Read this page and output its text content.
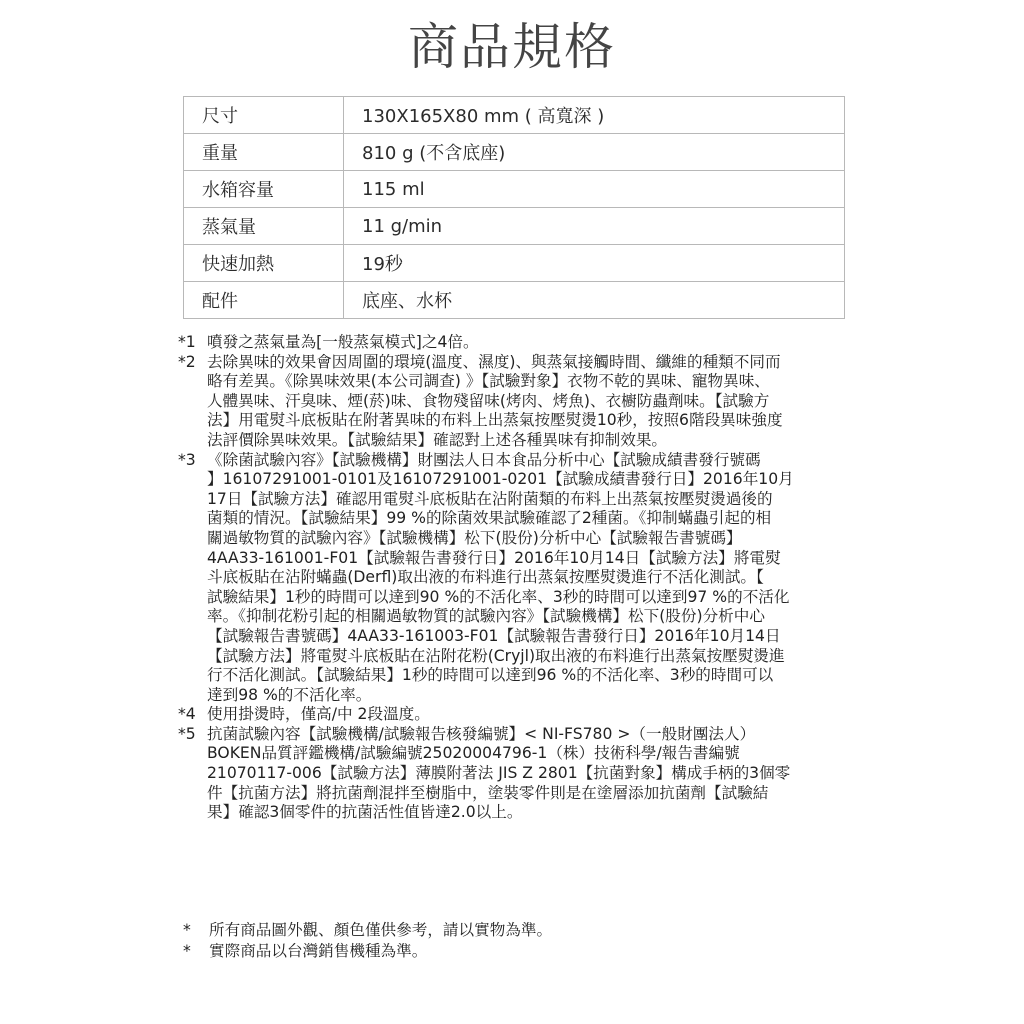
商品規格
尺寸	130X165X80 mm ( 高寬深 )
重量	810 g (不含底座)
水箱容量	115 ml
蒸氣量	11 g/min
快速加熱	19秒
配件	底座、水杯
*1 噴發之蒸氣量為[一般蒸氣模式]之4倍。
*2 去除異味的效果會因周圍的環境(溫度、濕度)、與蒸氣接觸時間、纖維的種類不同而
略有差異。《除異味效果(本公司調查) 》【試驗對象】衣物不乾的異味、寵物異味、
人體異味、汗臭味、煙(菸)味、食物殘留味(烤肉、烤魚)、衣櫥防蟲劑味。【試驗方
法】用電熨斗底板貼在附著異味的布料上出蒸氣按壓熨燙10秒，按照6階段異味強度
法評價除異味效果。【試驗結果】確認對上述各種異味有抑制效果。
*3 《除菌試驗內容》【試驗機構】財團法人日本食品分析中心【試驗成績書發行號碼
】16107291001-0101及16107291001-0201【試驗成績書發行日】2016年10月
17日【試驗方法】確認用電熨斗底板貼在沾附菌類的布料上出蒸氣按壓熨燙過後的
菌類的情況。【試驗結果】99 %的除菌效果試驗確認了2種菌。《抑制蟎蟲引起的相
關過敏物質的試驗內容》【試驗機構】松下(股份)分析中心【試驗報告書號碼】
4AA33-161001-F01【試驗報告書發行日】2016年10月14日【試驗方法】將電熨
斗底板貼在沾附蟎蟲(Derfl)取出液的布料進行出蒸氣按壓熨燙進行不活化測試。【
試驗結果】1秒的時間可以達到90 %的不活化率、3秒的時間可以達到97 %的不活化
率。《抑制花粉引起的相關過敏物質的試驗內容》【試驗機構】松下(股份)分析中心
【試驗報告書號碼】4AA33-161003-F01【試驗報告書發行日】2016年10月14日
【試驗方法】將電熨斗底板貼在沾附花粉(Cryjl)取出液的布料進行出蒸氣按壓熨燙進
行不活化測試。【試驗結果】1秒的時間可以達到96 %的不活化率、3秒的時間可以
達到98 %的不活化率。
*4 使用掛燙時，僅高/中 2段溫度。
*5 抗菌試驗內容【試驗機構/試驗報告核發編號】< NI-FS780 >（一般財團法人）
BOKEN品質評鑑機構/試驗編號25020004796-1（株）技術科學/報告書編號
21070117-006【試驗方法】薄膜附著法 JIS Z 2801【抗菌對象】構成手柄的3個零
件【抗菌方法】將抗菌劑混拌至樹脂中，塗裝零件則是在塗層添加抗菌劑【試驗結
果】確認3個零件的抗菌活性值皆達2.0以上。
*	所有商品圖外觀、顏色僅供參考，請以實物為準。
*	實際商品以台灣銷售機種為準。
